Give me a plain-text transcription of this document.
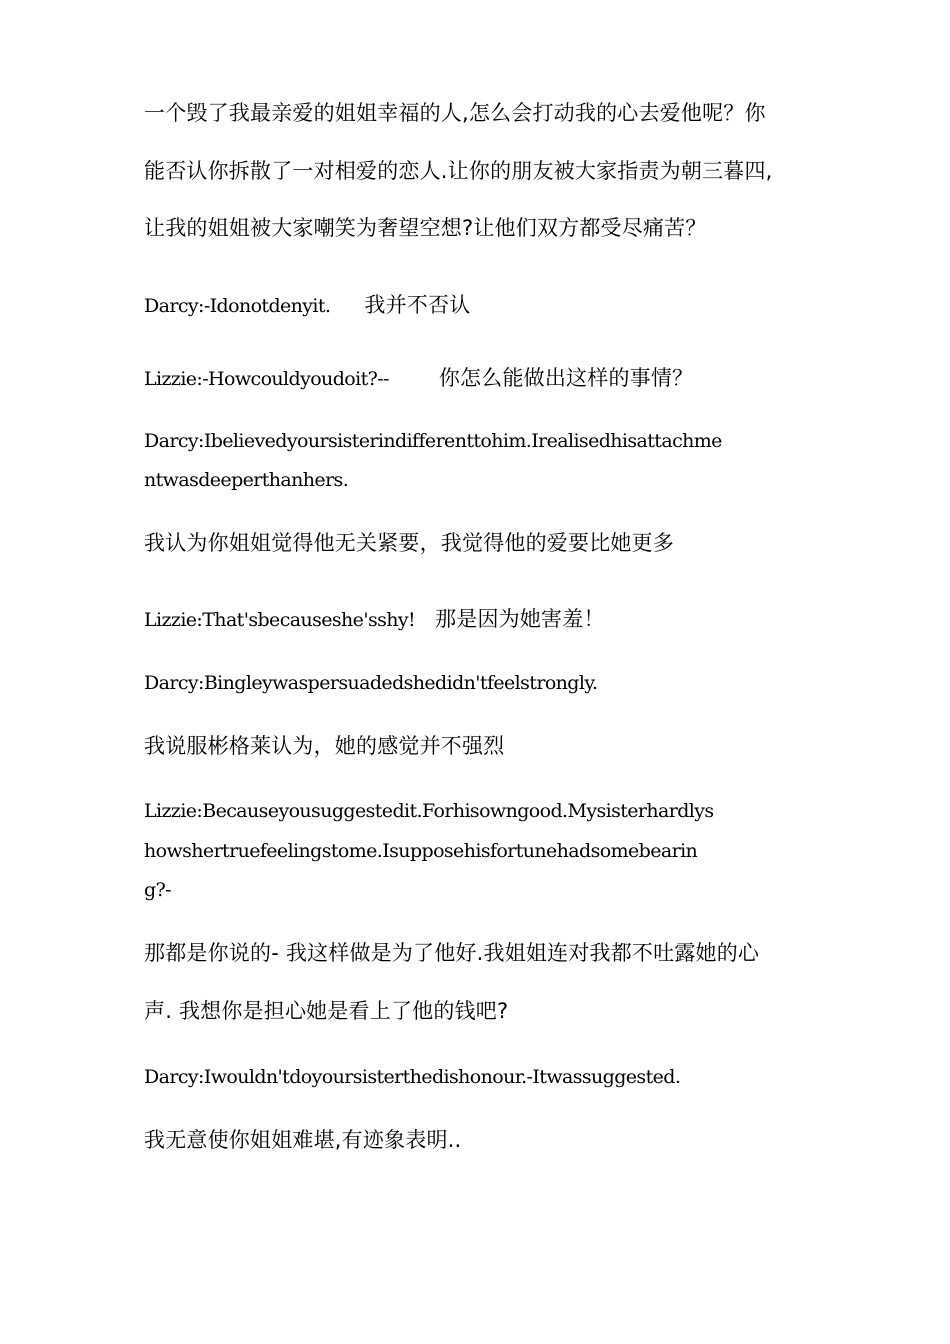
一个毁了我最亲爱的姐姐幸福的人,怎么会打动我的心去爱他呢？你

能否认你拆散了一对相爱的恋人.让你的朋友被大家指责为朝三暮四,

让我的姐姐被大家嘲笑为奢望空想?让他们双方都受尽痛苦？

Darcy:-Idonotdenyit. 我并不否认
Lizzie:-Howcouldyoudoit?-- 你怎么能做出这样的事情？

Darcy:Ibelievedyoursisterindifferenttohim.Irealisedhisattachme

ntwasdeeperthanhers.

我认为你姐姐觉得他无关紧要，我觉得他的爱要比她更多

Lizzie:That'sbecauseshe'sshy! 那是因为她害羞！

Darcy:Bingleywaspersuadedshedidn'tfeelstrongly.

我说服彬格莱认为，她的感觉并不强烈

Lizzie:Becauseyousuggestedit.Forhisowngood.Mysisterhardlys

howshertruefeelingstome.Isupposehisfortunehadsomebearin

g?-

那都是你说的- 我这样做是为了他好.我姐姐连对我都不吐露她的心

声. 我想你是担心她是看上了他的钱吧?

Darcy:Iwouldn'tdoyoursisterthedishonour.-Itwassuggested.

我无意使你姐姐难堪,有迹象表明..
